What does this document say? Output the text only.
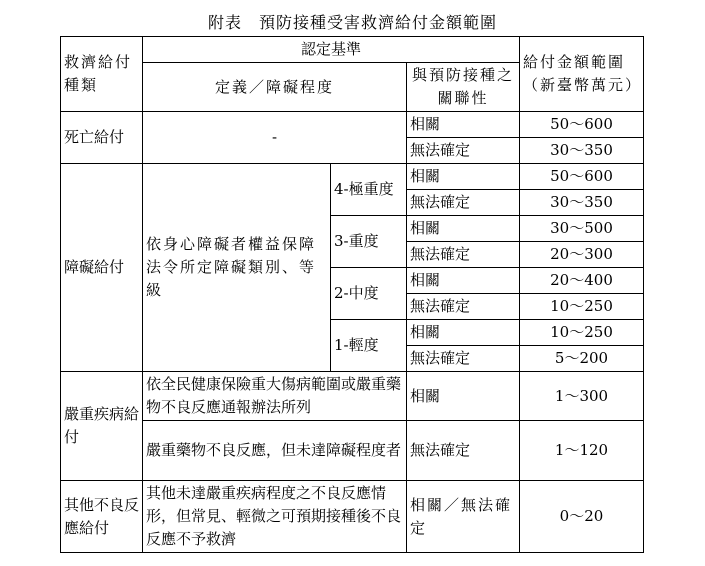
附表　預防接種受害救濟給付金額範圍
救濟給付種類	認定基準			給付金額範圍（新臺幣萬元）
	定義／障礙程度		與預防接種之關聯性	
死亡給付	-		相關	50～600
			無法確定	30～350
障礙給付	依身心障礙者權益保障法令所定障礙類別、等級	4-極重度	相關	50～600
			無法確定	30～350
		3-重度	相關	30～500
			無法確定	20～300
		2-中度	相關	20～400
			無法確定	10～250
		1-輕度	相關	10～250
			無法確定	5～200
嚴重疾病給付	依全民健康保險重大傷病範圍或嚴重藥物不良反應通報辦法所列		相關	1～300
	嚴重藥物不良反應，但未達障礙程度者		無法確定	1～120
其他不良反應給付	其他未達嚴重疾病程度之不良反應情形，但常見、輕微之可預期接種後不良反應不予救濟		相關／無法確定	0～20
